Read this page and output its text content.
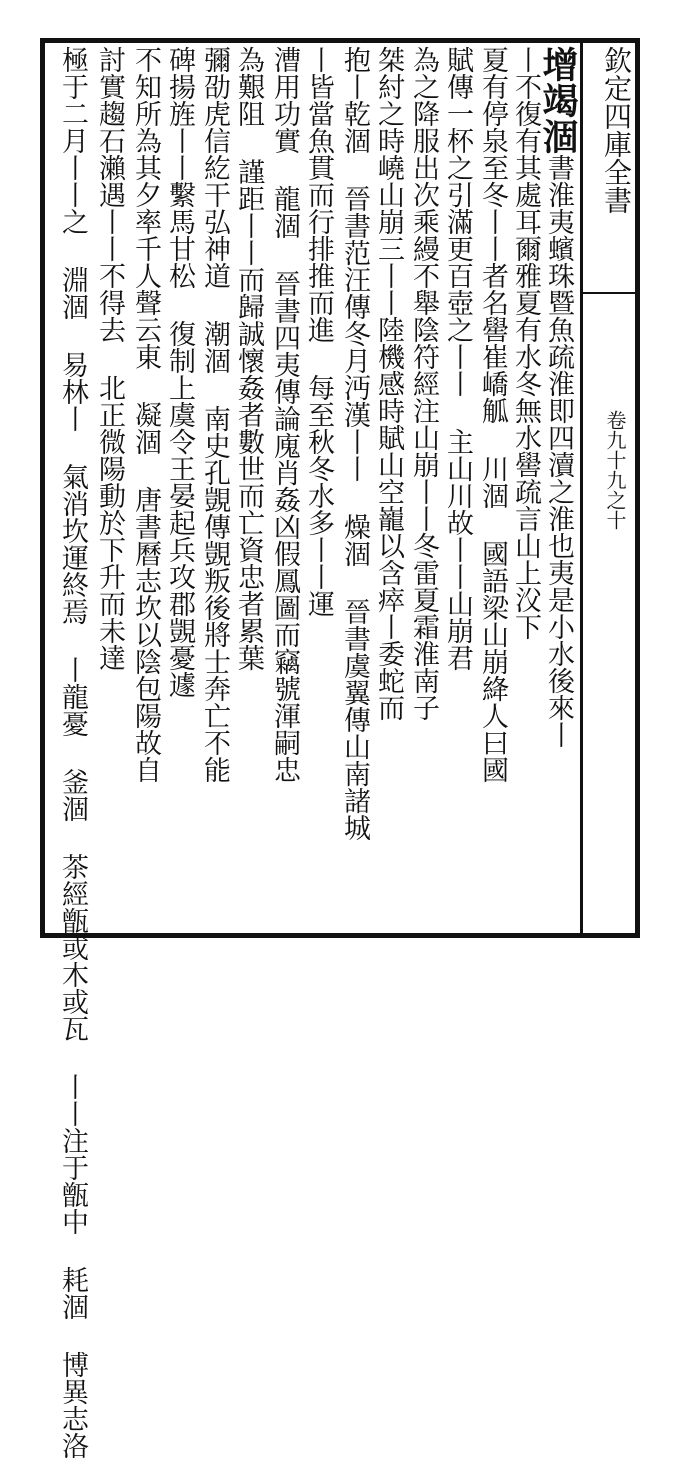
欽定四庫全書
卷九十九之十
增竭涸書淮夷蠙珠暨魚疏淮即四瀆之淮也夷是小水後來丨
丨不復有其處耳爾雅夏有水冬無水嚳疏言山上㳇下
夏有停泉至冬丨丨者名嚳崔嶠觚 川涸 國語梁山崩絳人曰國
賦傳一杯之引滿更百壺之丨丨 主山川故丨丨山崩君
為之降服出次乘縵不舉陰符經注山崩丨丨冬雷夏霜淮南子
桀紂之時嶢山崩三丨丨陸機感時賦山空巃以含瘁丨委蛇而
抱丨乾涸 晉書范汪傳冬月沔漢丨丨 燥涸 晉書虞翼傳山南諸城
丨皆當魚貫而行排推而進 每至秋冬水多丨丨運
漕用功實 龍涸 晉書四夷傳論廆肖姦凶假鳳圖而竊號渾嗣忠
為艱阻 謹距丨丨而歸誠懷姦者數世而亡資忠者累葉
彌劭虎信紇干弘神道 潮涸 南史孔覬傳覬叛後將士奔亡不能
碑揚旌丨丨繫馬甘松 復制上虞令王晏起兵攻郡覬憂遽
不知所為其夕率千人聲云東 凝涸 唐書曆志坎以陰包陽故自
討實趨石瀨遇丨丨不得去 北正微陽動於下升而未達
極于二月丨丨之 淵涸 易林丨 氣消坎運終焉 丨龍憂 釜涸 茶經甑或木或瓦 丨丨注于甑中 耗涸 博異志洛
